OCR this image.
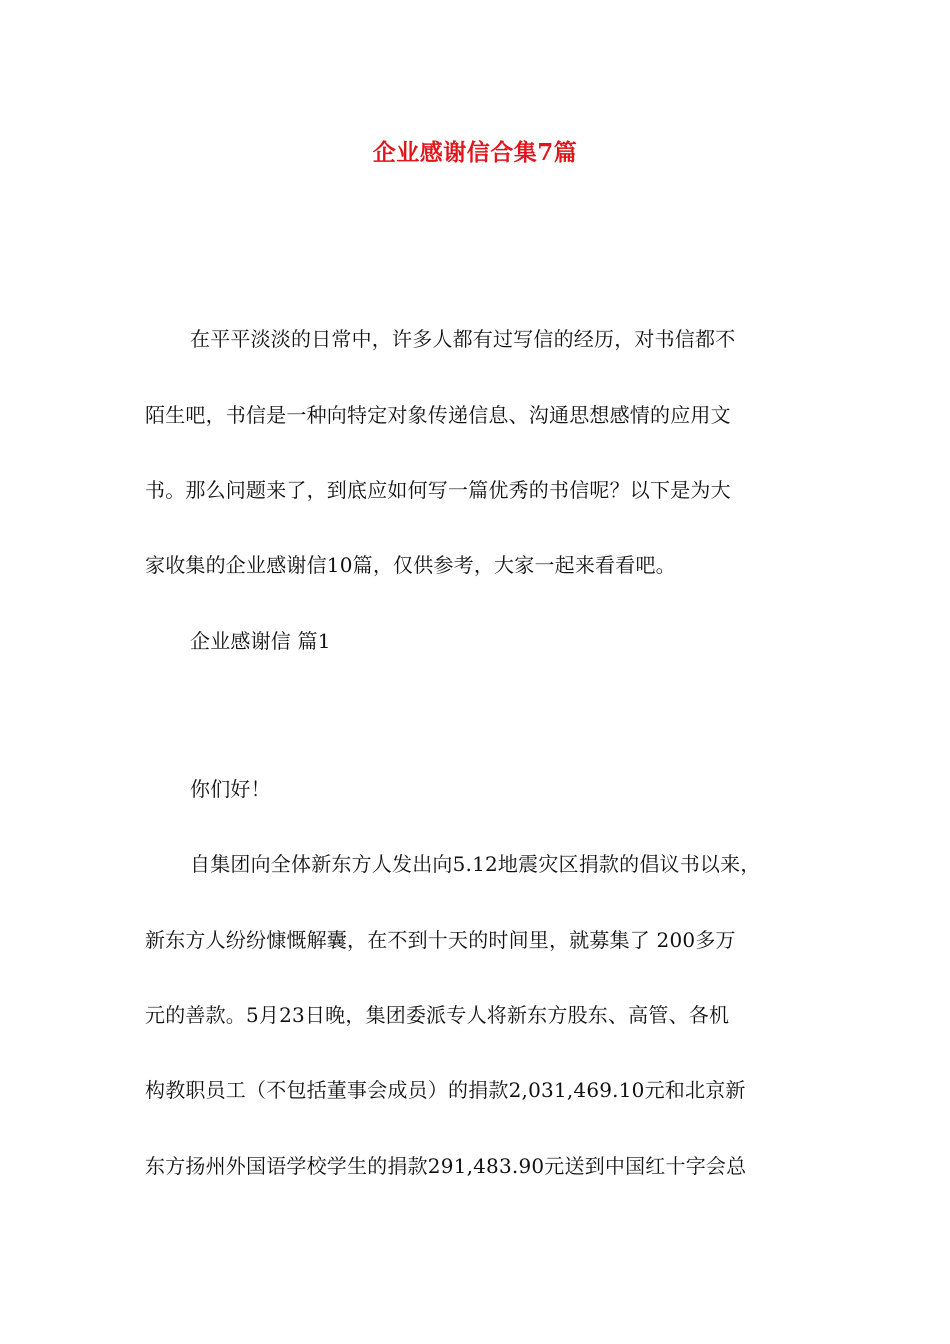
企业感谢信合集7篇
在平平淡淡的日常中，许多人都有过写信的经历，对书信都不
陌生吧，书信是一种向特定对象传递信息、沟通思想感情的应用文
书。那么问题来了，到底应如何写一篇优秀的书信呢？以下是为大
家收集的企业感谢信10篇，仅供参考，大家一起来看看吧。
企业感谢信 篇1
你们好！
自集团向全体新东方人发出向5.12地震灾区捐款的倡议书以来，
新东方人纷纷慷慨解囊，在不到十天的时间里，就募集了 200多万
元的善款。5月23日晚，集团委派专人将新东方股东、高管、各机
构教职员工（不包括董事会成员）的捐款2,031,469.10元和北京新
东方扬州外国语学校学生的捐款291,483.90元送到中国红十字会总
